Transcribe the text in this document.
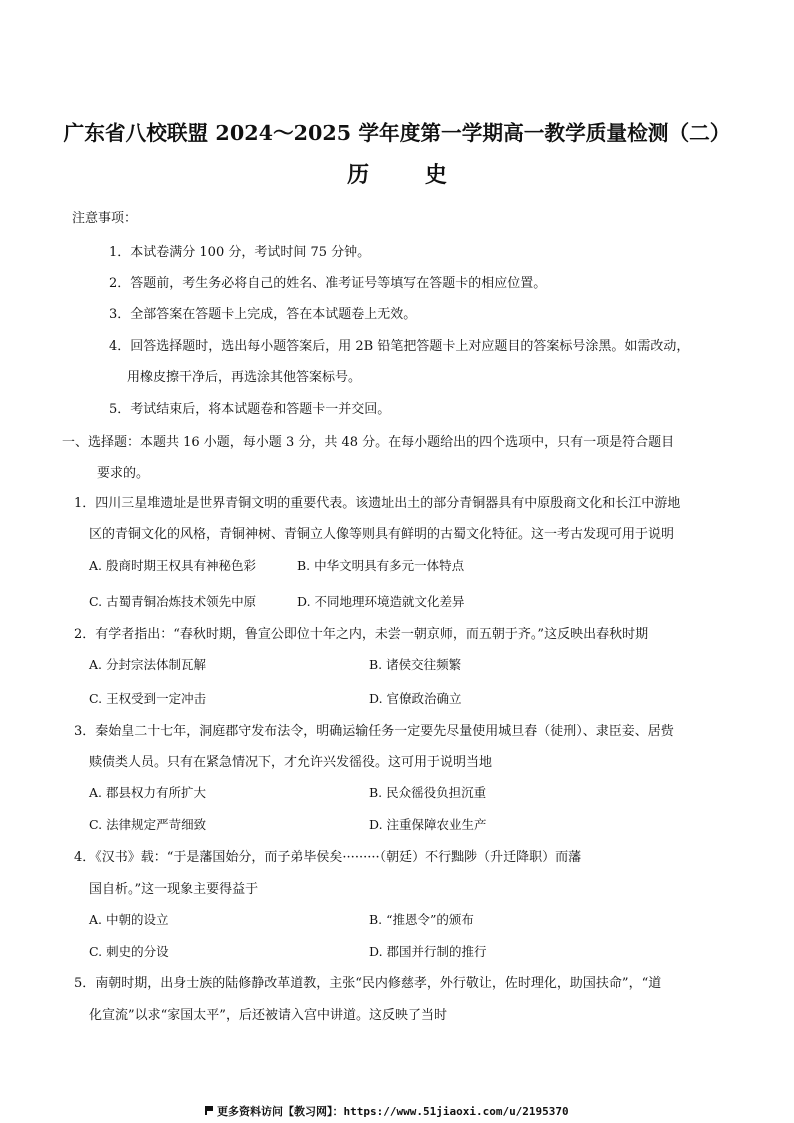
广东省八校联盟 2024～2025 学年度第一学期高一教学质量检测（二）
历 史
注意事项：
1．本试卷满分 100 分，考试时间 75 分钟。
2．答题前，考生务必将自己的姓名、准考证号等填写在答题卡的相应位置。
3．全部答案在答题卡上完成，答在本试题卷上无效。
4．回答选择题时，选出每小题答案后，用 2B 铅笔把答题卡上对应题目的答案标号涂黑。如需改动，
用橡皮擦干净后，再选涂其他答案标号。
5．考试结束后，将本试题卷和答题卡一并交回。
一、选择题：本题共 16 小题，每小题 3 分，共 48 分。在每小题给出的四个选项中，只有一项是符合题目
要求的。
1．四川三星堆遗址是世界青铜文明的重要代表。该遗址出土的部分青铜器具有中原殷商文化和长江中游地
区的青铜文化的风格，青铜神树、青铜立人像等则具有鲜明的古蜀文化特征。这一考古发现可用于说明
A. 殷商时期王权具有神秘色彩	B. 中华文明具有多元一体特点
C. 古蜀青铜冶炼技术领先中原	D. 不同地理环境造就文化差异
2．有学者指出：“春秋时期，鲁宣公即位十年之内，未尝一朝京师，而五朝于齐。”这反映出春秋时期
A. 分封宗法体制瓦解	B. 诸侯交往频繁
C. 王权受到一定冲击	D. 官僚政治确立
3．秦始皇二十七年，洞庭郡守发布法令，明确运输任务一定要先尽量使用城旦舂（徒刑）、隶臣妾、居赀
赎债类人员。只有在紧急情况下，才允许兴发徭役。这可用于说明当地
A. 郡县权力有所扩大	B. 民众徭役负担沉重
C. 法律规定严苛细致	D. 注重保障农业生产
4．《汉书》载：“于是藩国始分，而子弟毕侯矣·········（朝廷）不行黜陟（升迁降职）而藩
国自析。”这一现象主要得益于
A. 中朝的设立	B. “推恩令”的颁布
C. 刺史的分设	D. 郡国并行制的推行
5．南朝时期，出身士族的陆修静改革道教，主张“民内修慈孝，外行敬让，佐时理化，助国扶命”，“道
化宣流”以求“家国太平”，后还被请入宫中讲道。这反映了当时
更多资料访问【教习网】：https://www.51jiaoxi.com/u/2195370
